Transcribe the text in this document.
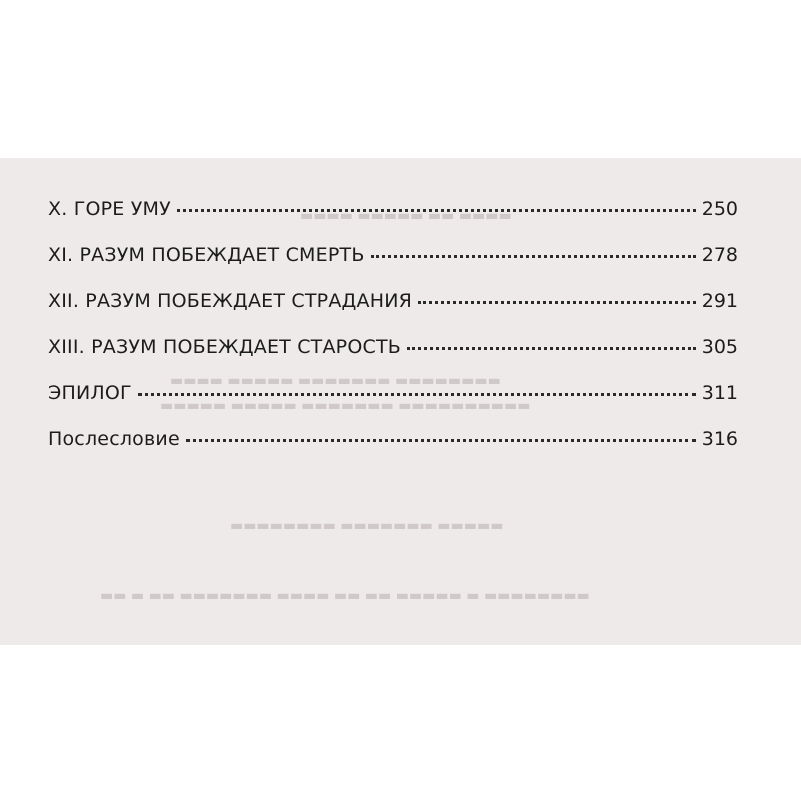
▬▬▬▬ ▬▬ ▬▬▬▬▬ ▬▬▬▬
▬▬▬▬▬▬▬▬ ▬▬▬▬▬▬▬ ▬▬▬▬▬ ▬▬▬▬
▬▬▬▬▬▬▬▬▬▬ ▬▬▬▬▬▬▬ ▬▬▬▬▬ ▬▬▬▬▬
▬▬▬▬▬ ▬▬▬▬▬▬▬ ▬▬▬▬▬▬▬▬
▬▬▬▬▬▬▬▬ ▬ ▬▬▬▬▬ ▬▬ ▬▬ ▬▬▬▬ ▬▬▬▬▬▬▬ ▬▬ ▬ ▬▬
X. ГОРЕ УМУ	250
XI. РАЗУМ ПОБЕЖДАЕТ СМЕРТЬ	278
XII. РАЗУМ ПОБЕЖДАЕТ СТРАДАНИЯ	291
XIII. РАЗУМ ПОБЕЖДАЕТ СТАРОСТЬ	305
ЭПИЛОГ	311
Послесловие	316
